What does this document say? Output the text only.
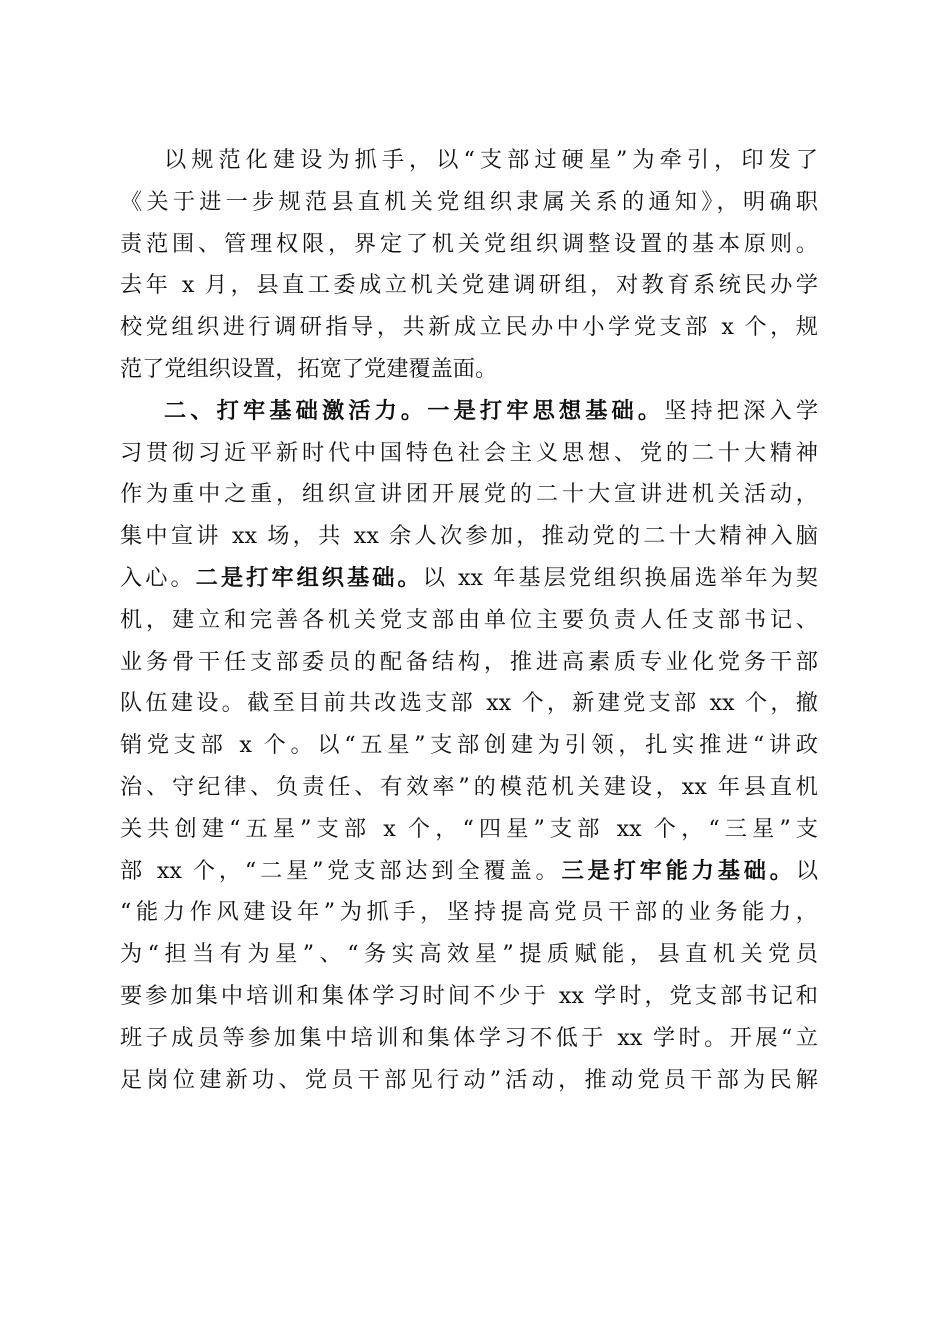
以规范化建设为抓手，以“支部过硬星”为牵引，印发了
《关于进一步规范县直机关党组织隶属关系的通知》，明确职
责范围、管理权限，界定了机关党组织调整设置的基本原则。
去年 x 月，县直工委成立机关党建调研组，对教育系统民办学
校党组织进行调研指导，共新成立民办中小学党支部 x 个，规
范了党组织设置，拓宽了党建覆盖面。
二、打牢基础激活力。一是打牢思想基础。坚持把深入学
习贯彻习近平新时代中国特色社会主义思想、党的二十大精神
作为重中之重，组织宣讲团开展党的二十大宣讲进机关活动，
集中宣讲 xx 场，共 xx 余人次参加，推动党的二十大精神入脑
入心。二是打牢组织基础。以 xx 年基层党组织换届选举年为契
机，建立和完善各机关党支部由单位主要负责人任支部书记、
业务骨干任支部委员的配备结构，推进高素质专业化党务干部
队伍建设。截至目前共改选支部 xx 个，新建党支部 xx 个，撤
销党支部 x 个。以“五星”支部创建为引领，扎实推进“讲政
治、守纪律、负责任、有效率”的模范机关建设，xx 年县直机
关共创建“五星”支部 x 个，“四星”支部 xx 个，“三星”支
部 xx 个，“二星”党支部达到全覆盖。三是打牢能力基础。以
“能力作风建设年”为抓手，坚持提高党员干部的业务能力，
为“担当有为星”、“务实高效星”提质赋能，县直机关党员
要参加集中培训和集体学习时间不少于 xx 学时，党支部书记和
班子成员等参加集中培训和集体学习不低于 xx 学时。开展“立
足岗位建新功、党员干部见行动”活动，推动党员干部为民解
